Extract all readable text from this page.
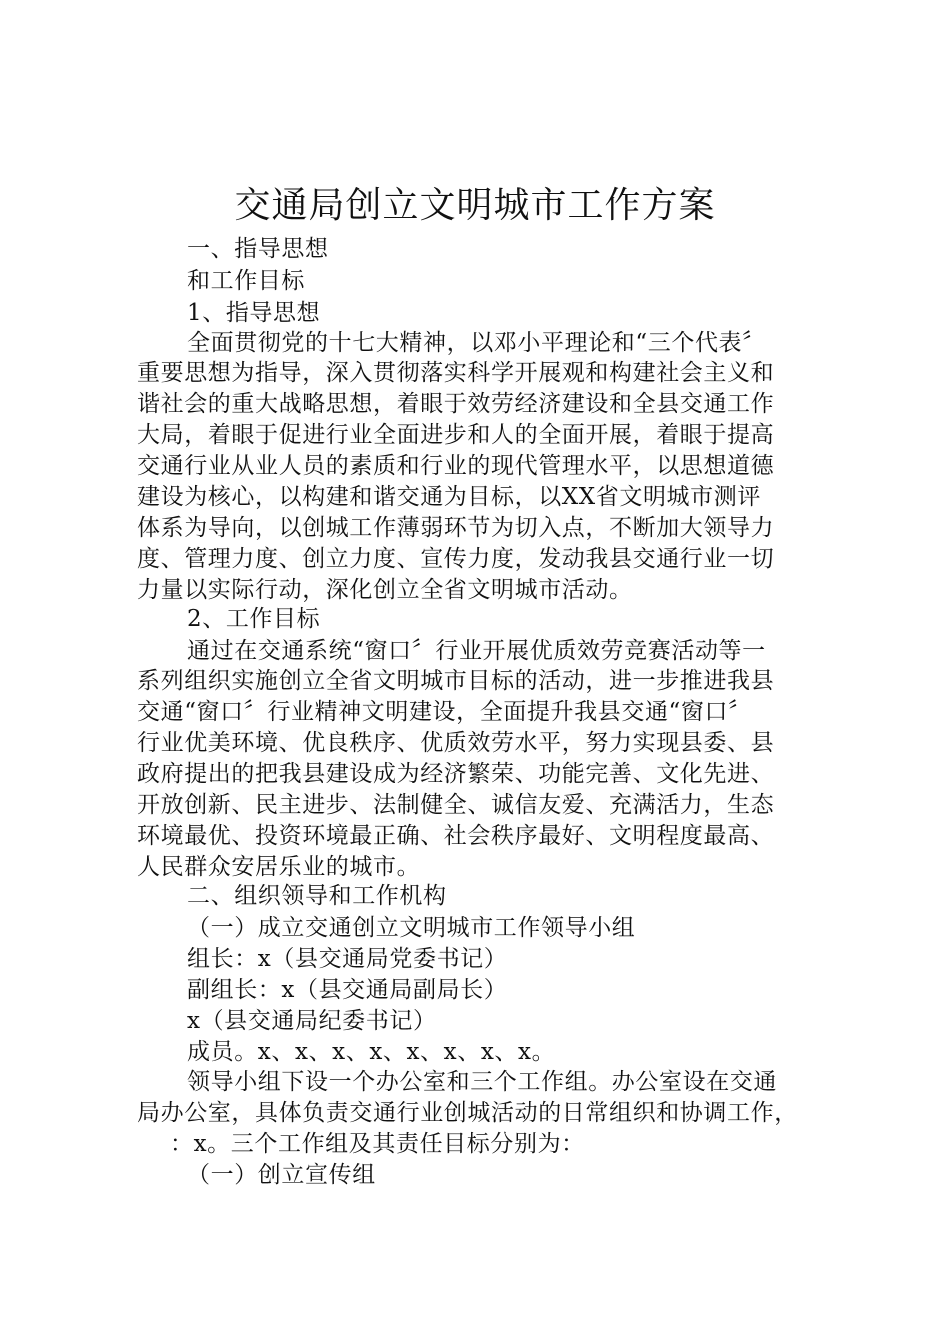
交通局创立文明城市工作方案
一、指导思想
和工作目标
1、指导思想
全面贯彻党的十七大精神，以邓小平理论和“三个代表〞
重要思想为指导，深入贯彻落实科学开展观和构建社会主义和
谐社会的重大战略思想，着眼于效劳经济建设和全县交通工作
大局，着眼于促进行业全面进步和人的全面开展，着眼于提高
交通行业从业人员的素质和行业的现代管理水平，以思想道德
建设为核心，以构建和谐交通为目标，以XX省文明城市测评
体系为导向，以创城工作薄弱环节为切入点，不断加大领导力
度、管理力度、创立力度、宣传力度，发动我县交通行业一切
力量以实际行动，深化创立全省文明城市活动。
2、工作目标
通过在交通系统“窗口〞行业开展优质效劳竞赛活动等一
系列组织实施创立全省文明城市目标的活动，进一步推进我县
交通“窗口〞行业精神文明建设，全面提升我县交通“窗口〞
行业优美环境、优良秩序、优质效劳水平，努力实现县委、县
政府提出的把我县建设成为经济繁荣、功能完善、文化先进、
开放创新、民主进步、法制健全、诚信友爱、充满活力，生态
环境最优、投资环境最正确、社会秩序最好、文明程度最高、
人民群众安居乐业的城市。
二、组织领导和工作机构
（一）成立交通创立文明城市工作领导小组
组长：x（县交通局党委书记）
副组长：x（县交通局副局长）
x（县交通局纪委书记）
成员。x、x、x、x、x、x、x、x。
领导小组下设一个办公室和三个工作组。办公室设在交通
局办公室，具体负责交通行业创城活动的日常组织和协调工作，
：x。三个工作组及其责任目标分别为：
（一）创立宣传组
